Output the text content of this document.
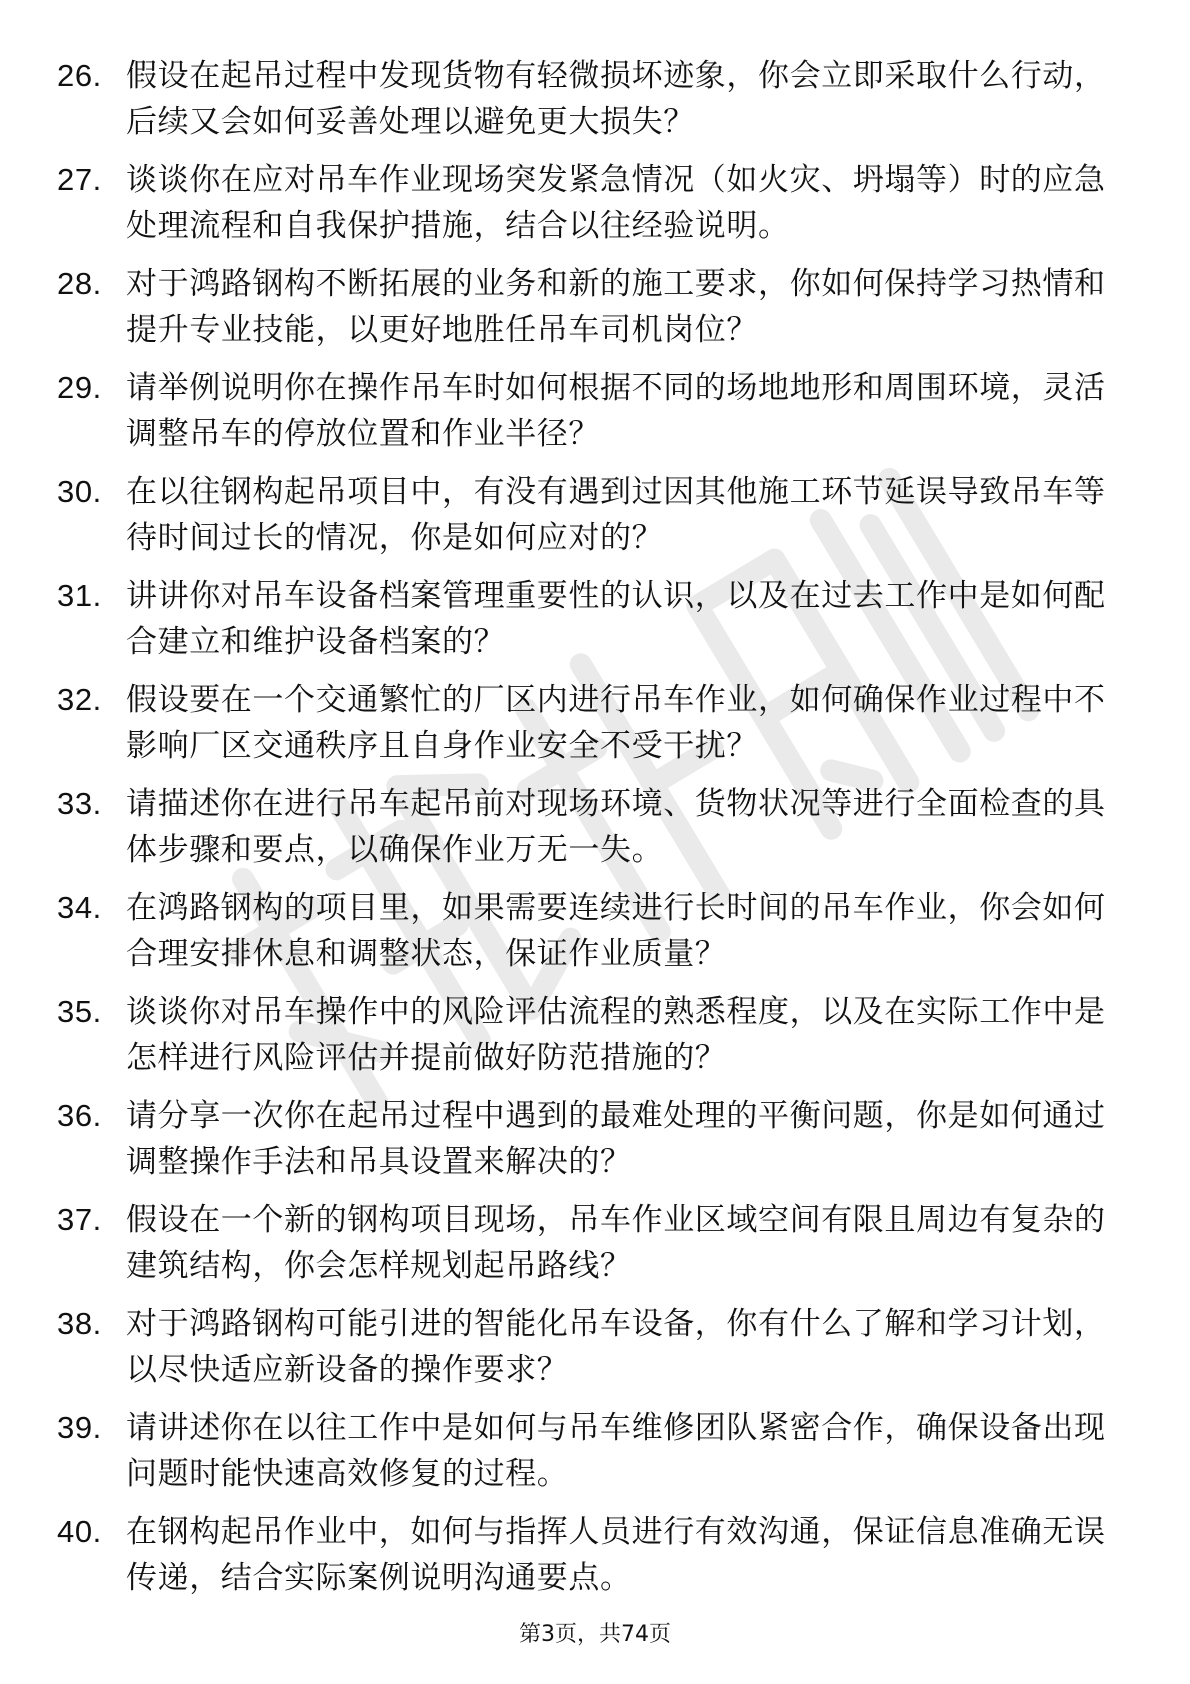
26. 假设在起吊过程中发现货物有轻微损坏迹象，你会立即采取什么行动，后续又会如何妥善处理以避免更大损失？
27. 谈谈你在应对吊车作业现场突发紧急情况（如火灾、坍塌等）时的应急处理流程和自我保护措施，结合以往经验说明。
28. 对于鸿路钢构不断拓展的业务和新的施工要求，你如何保持学习热情和提升专业技能，以更好地胜任吊车司机岗位？
29. 请举例说明你在操作吊车时如何根据不同的场地地形和周围环境，灵活调整吊车的停放位置和作业半径？
30. 在以往钢构起吊项目中，有没有遇到过因其他施工环节延误导致吊车等待时间过长的情况，你是如何应对的？
31. 讲讲你对吊车设备档案管理重要性的认识，以及在过去工作中是如何配合建立和维护设备档案的？
32. 假设要在一个交通繁忙的厂区内进行吊车作业，如何确保作业过程中不影响厂区交通秩序且自身作业安全不受干扰？
33. 请描述你在进行吊车起吊前对现场环境、货物状况等进行全面检查的具体步骤和要点，以确保作业万无一失。
34. 在鸿路钢构的项目里，如果需要连续进行长时间的吊车作业，你会如何合理安排休息和调整状态，保证作业质量？
35. 谈谈你对吊车操作中的风险评估流程的熟悉程度，以及在实际工作中是怎样进行风险评估并提前做好防范措施的？
36. 请分享一次你在起吊过程中遇到的最难处理的平衡问题，你是如何通过调整操作手法和吊具设置来解决的？
37. 假设在一个新的钢构项目现场，吊车作业区域空间有限且周边有复杂的建筑结构，你会怎样规划起吊路线？
38. 对于鸿路钢构可能引进的智能化吊车设备，你有什么了解和学习计划，以尽快适应新设备的操作要求？
39. 请讲述你在以往工作中是如何与吊车维修团队紧密合作，确保设备出现问题时能快速高效修复的过程。
40. 在钢构起吊作业中，如何与指挥人员进行有效沟通，保证信息准确无误传递，结合实际案例说明沟通要点。
第3页，共74页
